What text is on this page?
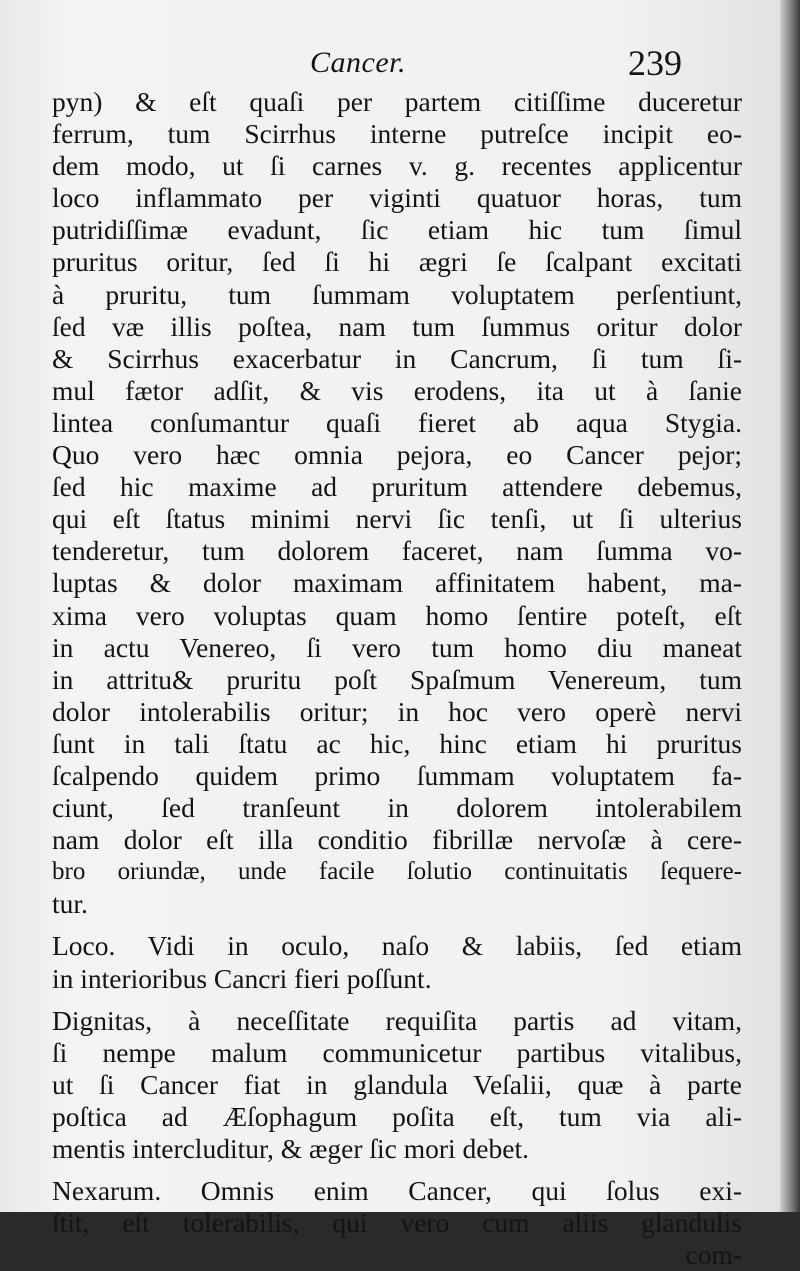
Cancer.	239
pyn) & eſt quaſi per partem citiſſime duceretur
ferrum, tum Scirrhus interne putreſce incipit eo-
dem modo, ut ſi carnes v. g. recentes applicentur
loco inflammato per viginti quatuor horas, tum
putridiſſimæ evadunt, ſic etiam hic tum ſimul
pruritus oritur, ſed ſi hi ægri ſe ſcalpant excitati
à pruritu, tum ſummam voluptatem perſentiunt,
ſed væ illis poſtea, nam tum ſummus oritur dolor
& Scirrhus exacerbatur in Cancrum, ſi tum ſi-
mul fætor adſit, & vis erodens, ita ut à ſanie
lintea conſumantur quaſi fieret ab aqua Stygia.
Quo vero hæc omnia pejora, eo Cancer pejor;
ſed hic maxime ad pruritum attendere debemus,
qui eſt ſtatus minimi nervi ſic tenſi, ut ſi ulterius
tenderetur, tum dolorem faceret, nam ſumma vo-
luptas & dolor maximam affinitatem habent, ma-
xima vero voluptas quam homo ſentire poteſt, eſt
in actu Venereo, ſi vero tum homo diu maneat
in attritu& pruritu poſt Spaſmum Venereum, tum
dolor intolerabilis oritur; in hoc vero operè nervi
ſunt in tali ſtatu ac hic, hinc etiam hi pruritus
ſcalpendo quidem primo ſummam voluptatem fa-
ciunt, ſed tranſeunt in dolorem intolerabilem
nam dolor eſt illa conditio fibrillæ nervoſæ à cere-
bro oriundæ, unde facile ſolutio continuitatis ſequere-
tur.
Loco. Vidi in oculo, naſo & labiis, ſed etiam
in interioribus Cancri fieri poſſunt.
Dignitas, à neceſſitate requiſita partis ad vitam,
ſi nempe malum communicetur partibus vitalibus,
ut ſi Cancer fiat in glandula Veſalii, quæ à parte
poſtica ad Æſophagum poſita eſt, tum via ali-
mentis intercluditur, & æger ſic mori debet.
Nexarum. Omnis enim Cancer, qui ſolus exi-
ſtit, eſt tolerabilis, qui vero cum aliis glandulis
com-
